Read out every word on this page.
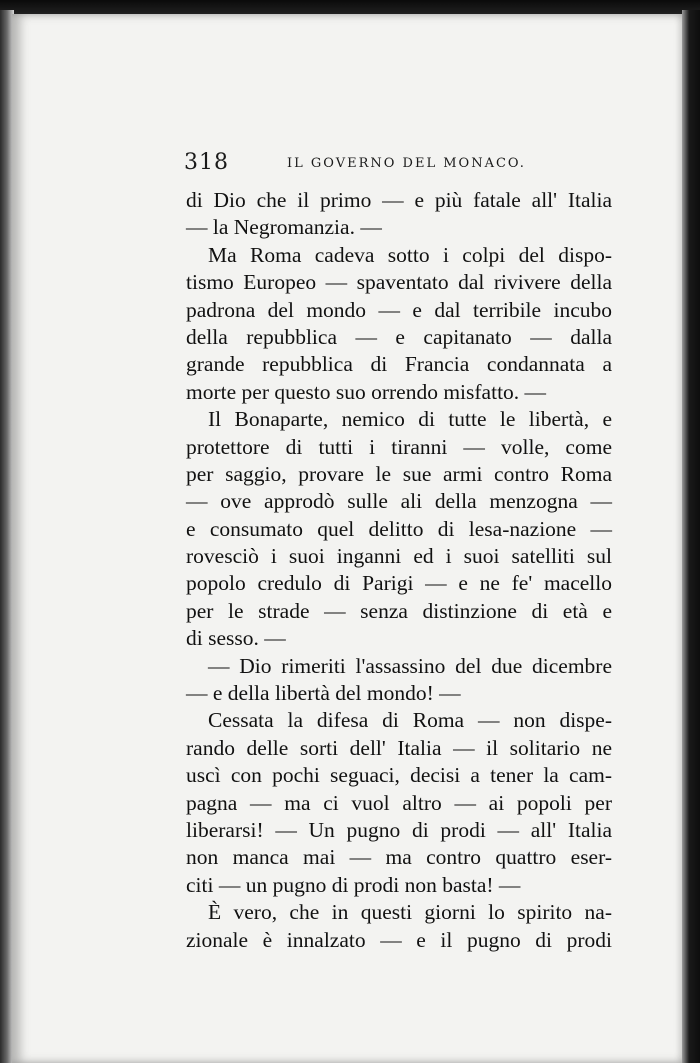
318	IL GOVERNO DEL MONACO.
di Dio che il primo — e più fatale all' Italia
— la Negromanzia. —
Ma Roma cadeva sotto i colpi del dispo-
tismo Europeo — spaventato dal rivivere della
padrona del mondo — e dal terribile incubo
della repubblica — e capitanato — dalla
grande repubblica di Francia condannata a
morte per questo suo orrendo misfatto. —
Il Bonaparte, nemico di tutte le libertà, e
protettore di tutti i tiranni — volle, come
per saggio, provare le sue armi contro Roma
— ove approdò sulle ali della menzogna —
e consumato quel delitto di lesa-nazione —
rovesciò i suoi inganni ed i suoi satelliti sul
popolo credulo di Parigi — e ne fe' macello
per le strade — senza distinzione di età e
di sesso. —
— Dio rimeriti l'assassino del due dicembre
— e della libertà del mondo! —
Cessata la difesa di Roma — non dispe-
rando delle sorti dell' Italia — il solitario ne
uscì con pochi seguaci, decisi a tener la cam-
pagna — ma ci vuol altro — ai popoli per
liberarsi! — Un pugno di prodi — all' Italia
non manca mai — ma contro quattro eser-
citi — un pugno di prodi non basta! —
È vero, che in questi giorni lo spirito na-
zionale è innalzato — e il pugno di prodi
